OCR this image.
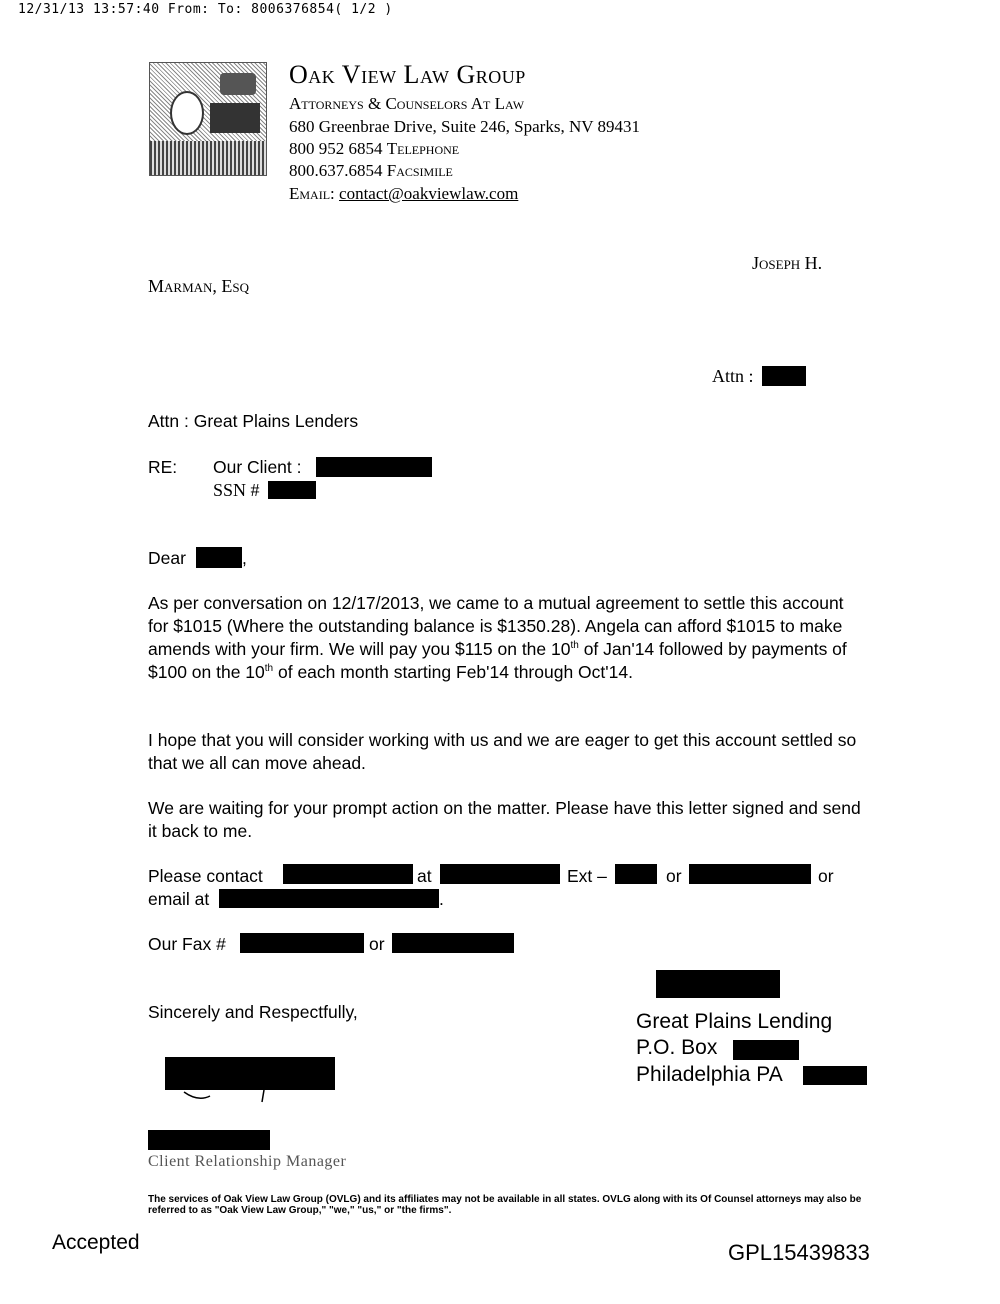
12/31/13 13:57:40 From: To: 8006376854( 1/2 )
Oak View Law Group
Attorneys & Counselors At Law
680 Greenbrae Drive, Suite 246, Sparks, NV 89431
800 952 6854 Telephone
800.637.6854 Facsimile
Email: contact@oakviewlaw.com
Joseph H.
Marman, Esq
Attn :
Attn : Great Plains Lenders
RE: Our Client :
SSN #
Dear	,
As per conversation on 12/17/2013, we came to a mutual agreement to settle this account for $1015 (Where the outstanding balance is $1350.28). Angela can afford $1015 to make amends with your firm. We will pay you $115 on the 10th of Jan'14 followed by payments of $100 on the 10th of each month starting Feb'14 through Oct'14.
I hope that you will consider working with us and we are eager to get this account settled so that we all can move ahead.
We are waiting for your prompt action on the matter. Please have this letter signed and send it back to me.
Please contact	at	Ext –	or	or
email at	.
Our Fax #	or
Sincerely and Respectfully,
Client Relationship Manager
Great Plains Lending
P.O. Box
Philadelphia PA
The services of Oak View Law Group (OVLG) and its affiliates may not be available in all states. OVLG along with its Of Counsel attorneys may also be referred to as "Oak View Law Group," "we," "us," or "the firms".
Accepted	GPL15439833
